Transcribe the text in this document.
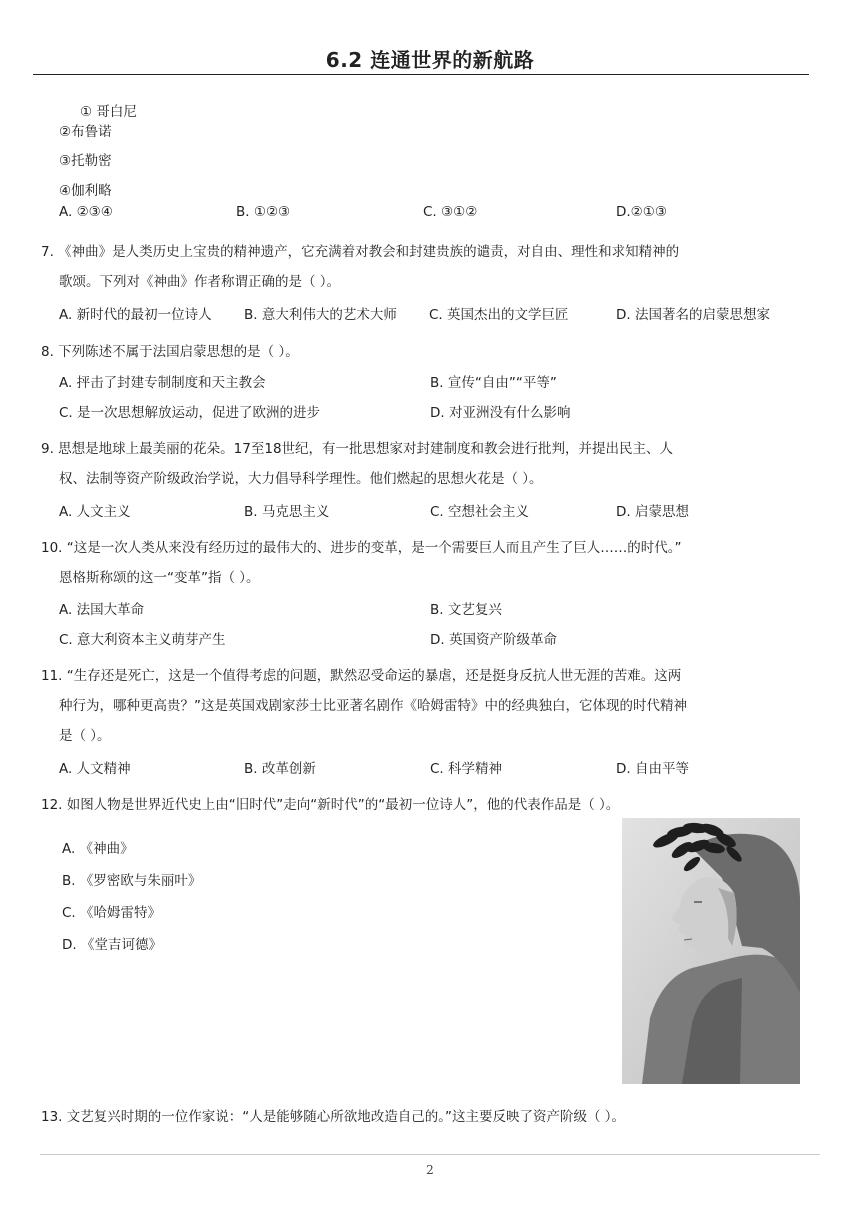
6.2 连通世界的新航路
① 哥白尼
②布鲁诺
③托勒密
④伽利略
A. ②③④	B. ①②③	C. ③①②	D.②①③
7. 《神曲》是人类历史上宝贵的精神遗产，它充满着对教会和封建贵族的谴责，对自由、理性和求知精神的
歌颂。下列对《神曲》作者称谓正确的是（ ）。
A. 新时代的最初一位诗人 B. 意大利伟大的艺术大师 C. 英国杰出的文学巨匠	D. 法国著名的启蒙思想家
8. 下列陈述不属于法国启蒙思想的是（ ）。
A. 抨击了封建专制制度和天主教会	B. 宣传“自由”“平等”
C. 是一次思想解放运动，促进了欧洲的进步	D. 对亚洲没有什么影响
9. 思想是地球上最美丽的花朵。17至18世纪，有一批思想家对封建制度和教会进行批判，并提出民主、人
权、法制等资产阶级政治学说，大力倡导科学理性。他们燃起的思想火花是（ ）。
A. 人文主义	B. 马克思主义	C. 空想社会主义	D. 启蒙思想
10. “这是一次人类从来没有经历过的最伟大的、进步的变革，是一个需要巨人而且产生了巨人……的时代。”
恩格斯称颂的这一“变革”指（ ）。
A. 法国大革命	B. 文艺复兴
C. 意大利资本主义萌芽产生	D. 英国资产阶级革命
11. “生存还是死亡，这是一个值得考虑的问题，默然忍受命运的暴虐，还是挺身反抗人世无涯的苦难。这两
种行为，哪种更高贵？”这是英国戏剧家莎士比亚著名剧作《哈姆雷特》中的经典独白，它体现的时代精神
是（ ）。
A. 人文精神	B. 改革创新	C. 科学精神	D. 自由平等
12. 如图人物是世界近代史上由“旧时代”走向“新时代”的“最初一位诗人”，他的代表作品是（ ）。
A. 《神曲》
B. 《罗密欧与朱丽叶》
C. 《哈姆雷特》
D. 《堂吉诃德》
13. 文艺复兴时期的一位作家说：“人是能够随心所欲地改造自己的。”这主要反映了资产阶级（ ）。
2
